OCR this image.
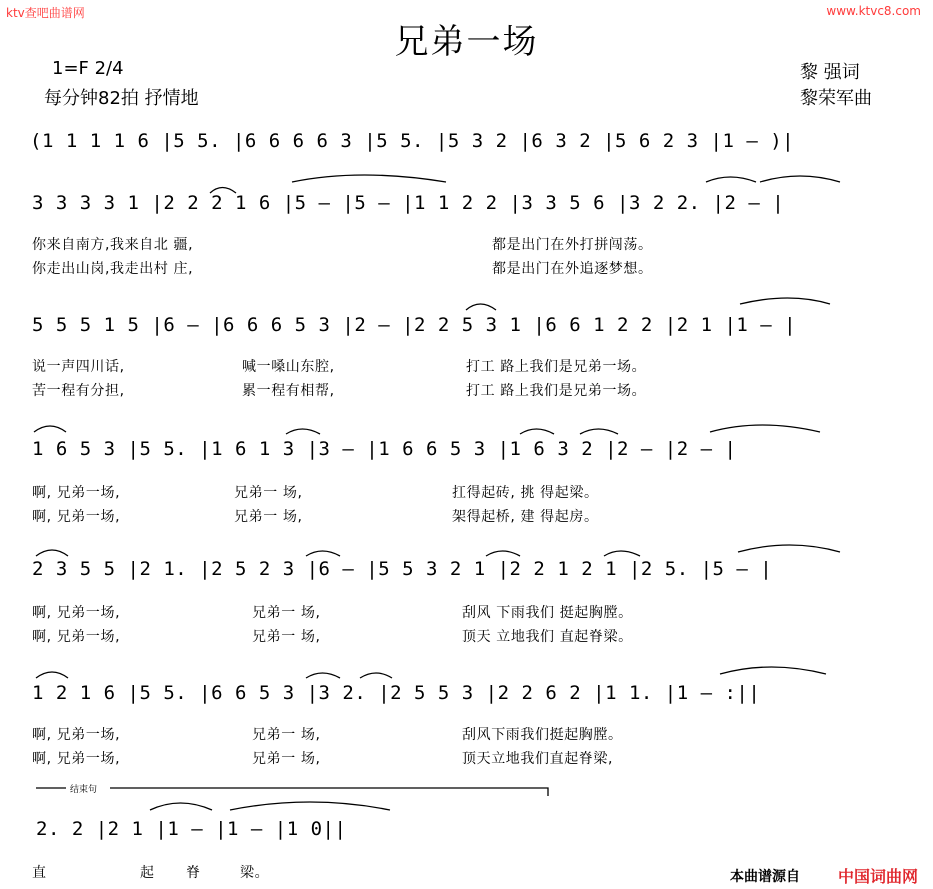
ktv查吧曲谱网	www.ktvc8.com
兄弟一场
1=F 2/4
每分钟82拍 抒情地
黎 强词
黎荣军曲
(1 1 1 1 6 |5 5. |6 6 6 6 3 |5 5. |5 3 2 |6 3 2 |5 6 2 3 |1 – )|
3 3 3 3 1 |2 2 2 1 6 |5 – |5 – |1 1 2 2 |3 3 5 6 |3 2 2. |2 – |
你来自南方,我来自北 疆,	都是出门在外打拼闯荡。
你走出山岗,我走出村 庄,	都是出门在外追逐梦想。
5 5 5 1 5 |6 – |6 6 6 5 3 |2 – |2 2 5 3 1 |6 6 1 2 2 |2 1 |1 – |
说一声四川话,	喊一嗓山东腔,	打工 路上我们是兄弟一场。
苦一程有分担,	累一程有相帮,	打工 路上我们是兄弟一场。
1 6 5 3 |5 5. |1 6 1 3 |3 – |1 6 6 5 3 |1 6 3 2 |2 – |2 – |
啊, 兄弟一场,	兄弟一 场,	扛得起砖, 挑 得起梁。
啊, 兄弟一场,	兄弟一 场,	架得起桥, 建 得起房。
2 3 5 5 |2 1. |2 5 2 3 |6 – |5 5 3 2 1 |2 2 1 2 1 |2 5. |5 – |
啊, 兄弟一场,	兄弟一 场,	刮风 下雨我们 挺起胸膛。
啊, 兄弟一场,	兄弟一 场,	顶天 立地我们 直起脊梁。
1 2 1 6 |5 5. |6 6 5 3 |3 2. |2 5 5 3 |2 2 6 2 |1 1. |1 – :||
啊, 兄弟一场,	兄弟一 场,	刮风下雨我们挺起胸膛。
啊, 兄弟一场,	兄弟一 场,	顶天立地我们直起脊梁,
结束句
2. 2 |2 1 |1 – |1 – |1 0||
直	起 脊	梁。	本曲谱源自 中国词曲网
